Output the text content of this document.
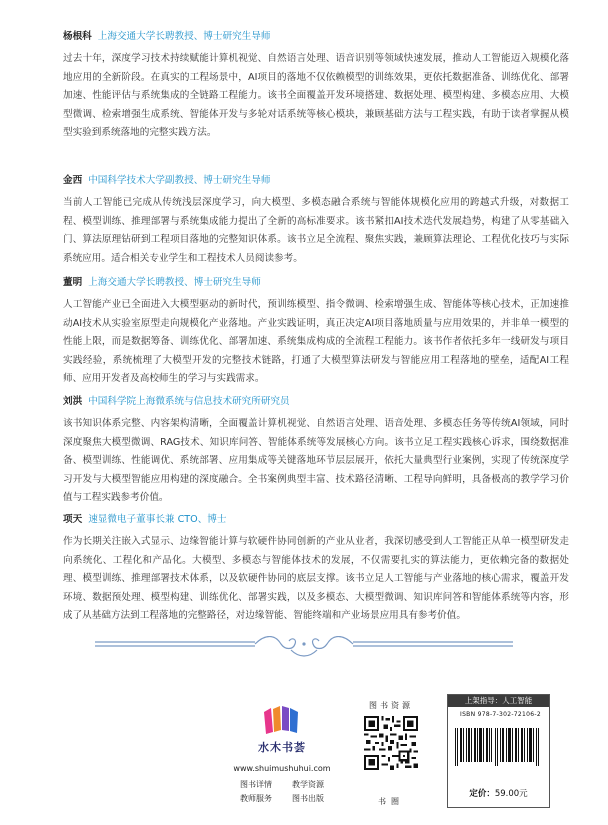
杨根科 上海交通大学长聘教授、博士研究生导师
过去十年，深度学习技术持续赋能计算机视觉、自然语言处理、语音识别等领域快速发展，推动人工智能迈入规模化落地应用的全新阶段。在真实的工程场景中，AI项目的落地不仅依赖模型的训练效果，更依托数据准备、训练优化、部署加速、性能评估与系统集成的全链路工程能力。该书全面覆盖开发环境搭建、数据处理、模型构建、多模态应用、大模型微调、检索增强生成系统、智能体开发与多轮对话系统等核心模块，兼顾基础方法与工程实践，有助于读者掌握从模型实验到系统落地的完整实践方法。
金西 中国科学技术大学副教授、博士研究生导师
当前人工智能已完成从传统浅层深度学习，向大模型、多模态融合系统与智能体规模化应用的跨越式升级，对数据工程、模型训练、推理部署与系统集成能力提出了全新的高标准要求。该书紧扣AI技术迭代发展趋势，构建了从零基础入门、算法原理钻研到工程项目落地的完整知识体系。该书立足全流程、聚焦实践，兼顾算法理论、工程优化技巧与实际系统应用。适合相关专业学生和工程技术人员阅读参考。
董明 上海交通大学长聘教授、博士研究生导师
人工智能产业已全面进入大模型驱动的新时代，预训练模型、指令微调、检索增强生成、智能体等核心技术，正加速推动AI技术从实验室原型走向规模化产业落地。产业实践证明，真正决定AI项目落地质量与应用效果的，并非单一模型的性能上限，而是数据筹备、训练优化、部署加速、系统集成构成的全流程工程能力。该书作者依托多年一线研发与项目实践经验，系统梳理了大模型开发的完整技术链路，打通了大模型算法研发与智能应用工程落地的壁垒，适配AI工程师、应用开发者及高校师生的学习与实践需求。
刘洪 中国科学院上海微系统与信息技术研究所研究员
该书知识体系完整、内容架构清晰，全面覆盖计算机视觉、自然语言处理、语音处理、多模态任务等传统AI领域，同时深度聚焦大模型微调、RAG技术、知识库问答、智能体系统等发展核心方向。该书立足工程实践核心诉求，围绕数据准备、模型训练、性能调优、系统部署、应用集成等关键落地环节层层展开，依托大量典型行业案例，实现了传统深度学习开发与大模型智能应用构建的深度融合。全书案例典型丰富、技术路径清晰、工程导向鲜明，具备极高的教学学习价值与工程实践参考价值。
项天 速显微电子董事长兼 CTO、博士
作为长期关注嵌入式显示、边缘智能计算与软硬件协同创新的产业从业者，我深切感受到人工智能正从单一模型研发走向系统化、工程化和产品化。大模型、多模态与智能体技术的发展，不仅需要扎实的算法能力，更依赖完备的数据处理、模型训练、推理部署技术体系，以及软硬件协同的底层支撑。该书立足人工智能与产业落地的核心需求，覆盖开发环境、数据预处理、模型构建、训练优化、部署实践，以及多模态、大模型微调、知识库问答和智能体系统等内容，形成了从基础方法到工程落地的完整路径，对边缘智能、智能终端和产业场景应用具有参考价值。
水木书荟
www.shuimushuhui.com
图书详情	教学资源
教师服务	图书出版
图书资源
书圈
上架指导：人工智能
ISBN 978-7-302-72106-2
定价：59.00元
